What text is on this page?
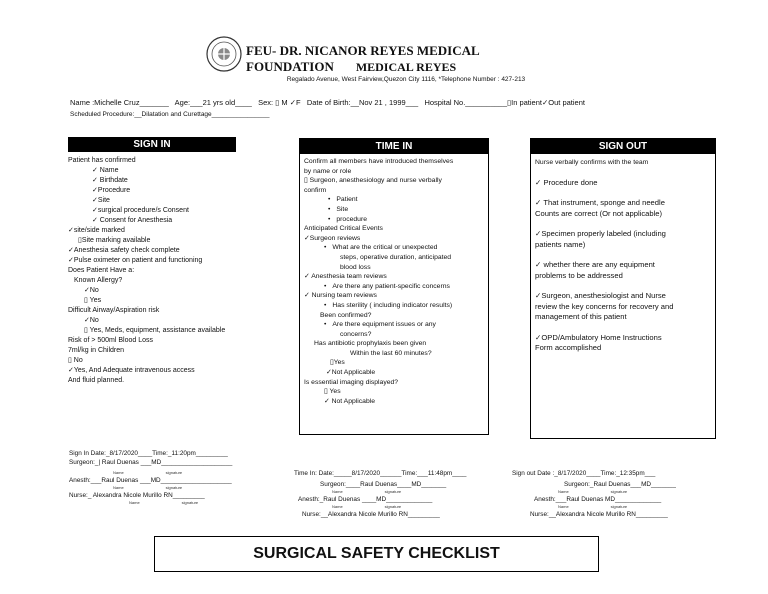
FEU- DR. NICANOR REYES MEDICAL FOUNDATION	MEDICAL REYES
Regalado Avenue, West Fairview,Quezon City 1116, *Telephone Number : 427-213
Name :Michelle Cruz_______ Age:___21 yrs old____ Sex: ▯ M ✓F Date of Birth:__Nov 21 , 1999___ Hospital No.__________▯In patient✓Out patient
Scheduled Procedure:__Dilatation and Curettage________________
SIGN IN
Patient has confirmed
✓ Name
✓ Birthdate
✓Procedure
✓Site
✓surgical procedure/s Consent
✓ Consent for Anesthesia
✓site/side marked
▯Site marking available
✓Anesthesia safety check complete
✓Pulse oximeter on patient and functioning
Does Patient Have a:
Known Allergy?
✓No
▯ Yes
Difficult Airway/Aspiration risk
✓No
▯ Yes, Meds, equipment, assistance available
Risk of > 500ml Blood Loss
7ml/kg in Children
▯ No
✓Yes, And Adequate intravenous access
And fluid planned.
TIME IN
Confirm all members have introduced themselves
by name or role
▯ Surgeon, anesthesiology and nurse verbally
confirm
• Patient
• Site
• procedure
Anticipated Critical Events
✓Surgeon reviews
• What are the critical or unexpected
steps, operative duration, anticipated
blood loss
✓ Anesthesia team reviews
• Are there any patient-specific concerns
✓ Nursing team reviews
• Has sterility ( including indicator results)
Been confirmed?
• Are there equipment issues or any
concerns?
Has antibiotic prophylaxis been given
Within the last 60 minutes?
▯Yes
✓Not Applicable
Is essential imaging displayed?
▯ Yes
✓ Not Applicable
SIGN OUT
Nurse verbally confirms with the team
✓ Procedure done
✓ That instrument, sponge and needle
Counts are correct (Or not applicable)
✓Specimen properly labeled (including
patients name)
✓ whether there are any equipment
problems to be addressed
✓Surgeon, anesthesiologist and Nurse
review the key concerns for recovery and
management of this patient
✓OPD/Ambulatory Home Instructions
Form accomplished
Sign In Date:_8/17/2020____Time:_11:20pm_________
Surgeon:_| Raul Duenas ___MD____________________
Name	signature
Anesth:___Raul Duenas ___MD____________________
Name	signature
Nurse:_ Alexandra Nicole Murillo RN_________
Name	signature
Time In: Date:_____8/17/2020______Time:___11:48pm____
Surgeon:____Raul Duenas____MD_______
Name	signature
Anesth:_Raul Duenas ____MD_____________
Name	signature
Nurse:__Alexandra Nicole Murillo RN_________
Sign out Date :_8/17/2020____Time:_12:35pm___
Surgeon:_Raul Duenas___MD_______
Name	signature
Anesth:___Raul Duenas MD_____________
Name	signature
Nurse:__Alexandra Nicole Murillo RN_________
SURGICAL SAFETY CHECKLIST
